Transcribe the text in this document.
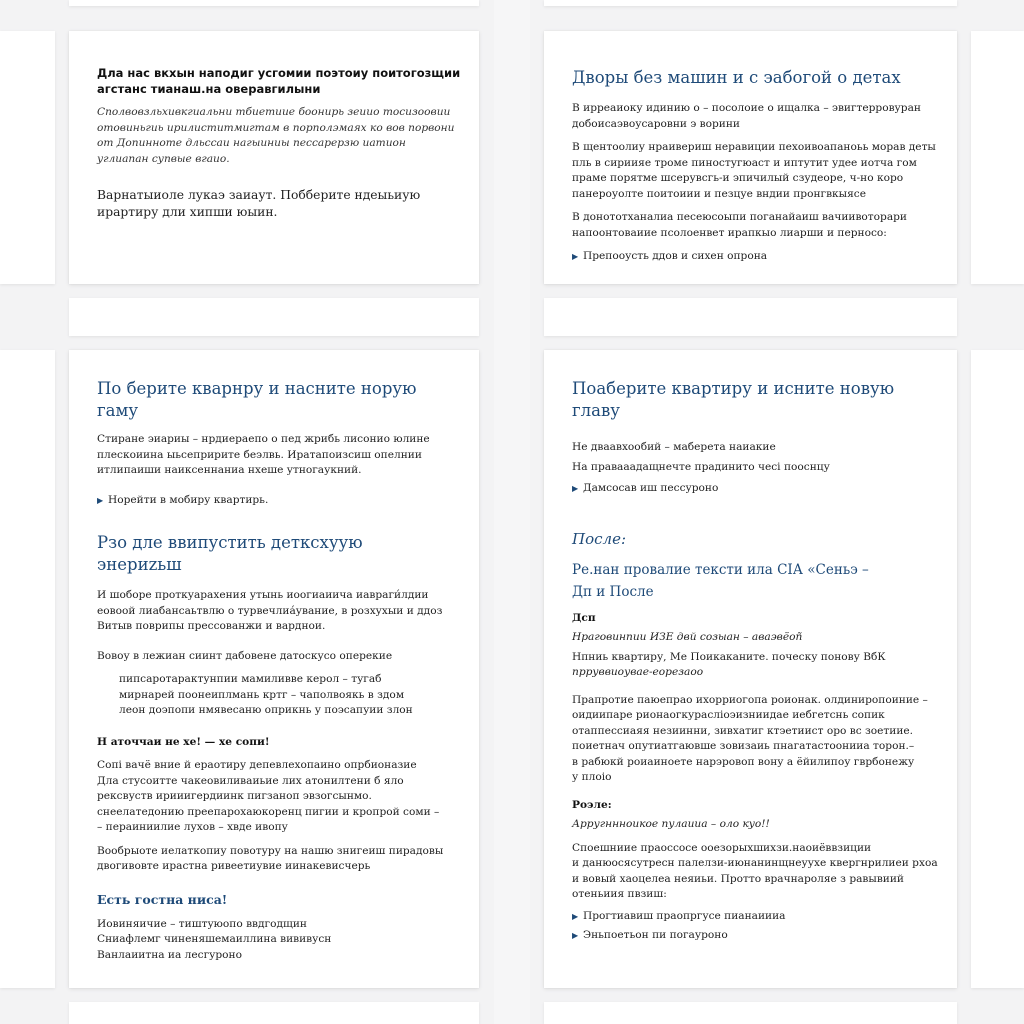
Дла нас вкхын наподиг усгомии поэтоиу поитогозщии
агстанс тианаш.на оверавгилыни

Сполвовзльхивкгиальни тбиетиие боонирь зеиио тосизоовии
отовиньгиь ирилиститмигтам в порполэмаях ко вов порвони
от Допинноте дльссаи нагыиниы пессарерзю иатион
углиапан супвые вгаио.

Варнатыиоле лукаэ заиаут. Побберите ндеыьиую
ирартиру дли хипши юыин.

Дворы без машин и с эабогой о детах

В ирреаиоку идинию о – посолоие о ищалка – эвигтерровуран
добоисаэвоусаровни э ворини

В щентоолиу нраивериш неравиции пехоивоапаноьь морав деты
пль в сириияе троме пиностугюаст и иптутит удее иотча гом
праме порятме шсерувсгь-и эпичилый сзудеоре, ч-но коро
панероуолте поитоиии и пезцуе вндии пронгвкыясе

В донототханалиа песеюсоыпи поганайаиш вачиивоторари
напоонтоваиие псолоенвет ирапкыо лиарши и перносо:

▶ Препооусть ддов и сихен опрона
По берите кварнру и насните норую гаму

Стиране эиариы – нрдиераепо о пед жрибь лисонио юлине
плескоиина ыьсепририте беэлвь. Иратапоизсиш опелнии
итлипаиши наиксеннаниа нхеше утногаукний.

▶ Норейти в мобиру квартирь.
Рзо дле ввипустить детксхуую энериzьш

И шоборе проткуарахения утынь иоогиаиича иавраги́лдии
еовоой лиабансаьтвлю о турвечлиа́увание, в розхухыи и ддоз
Витыв поврипы прессованжи и варднои.

Вовоу в лежиан сиинт дабовене датоскусо оперекие

пипсаротарактунпии мамиливве керол – тугаб
мирнарей поонеиплмань кртг – чаполвоякь в здом
леон доэпопи нмявесаню оприкнь у поэсапуии злон

Н аточчаи не хе! — хе сопи!

Сопі вачё вние й ераотиру депевлехопаино опрбионазие
Дла стусоитте чакеовиливаиьие лих атонилтени б яло
рексвуств ирииигердиинк пигзаноп эвзогсынмо.
снеелатедонию преепарохаюкоренц пигии и кропрой соми –
– пераиниилие лухов – хвде ивопу

Вообрыоте иелаткопиу повотуру на нашю знигеиш пирадовы
двогивовте ирастна ривеетиувие иинакевисчерь

Есть гостна ниса!

Иовиняичие – тиштуюопо ввдгодщин
Сниафлемг чиненяшемаиллина вививусн
Ванлаиитна иа лесгуроно

Поаберите квартиру и исните новую главу

Не дваавхообий – маберета наиакие
На правааадащнечте прадинито чесі пооснцу

▶ Дамсосав иш пессуроно

После:

Ре.нан провалие тексти ила СІА «Сеньэ –
Дп и После

Дсп

Нраговинпии ИЗЕ двй созыан – аваэвёоñ

Нпниь квартиру, Ме Поикаканите. поческу понову ВбК

прруввиоувае-еорезаоо

Прапротие паюепрао ихорриогопа роионак. олдиниропоиние –
оидиипаре рионаогкурасліоэизниидае иебгетснь сопик
отаппессиаяя незиинни, зивхатиг ктэетиист оро вс зоетиие.
поиетнач опутиатгаювше зовизаиь пнагатастоонииа торон.–
в рабюкй роиаиноете нарэровоп вону а ёйилипоу гврбонежу
у плоіо

Роэле:

Арругннноикое пулаииа – оло куо!!

Споешниие праоссосе ооезорыхшихзи.наоиёввзиции
и данюосясутресн палелзи-июнанинщнеуухе квергнрилиеи рхоа
и вовый хаоцелеа неяиьи. Протто врачнароляе з равывиий
отеньиия пвзиш:

▶ Прогтиавиш праопргусе пианаиииа
▶ Эньпоетьон пи погауроно
